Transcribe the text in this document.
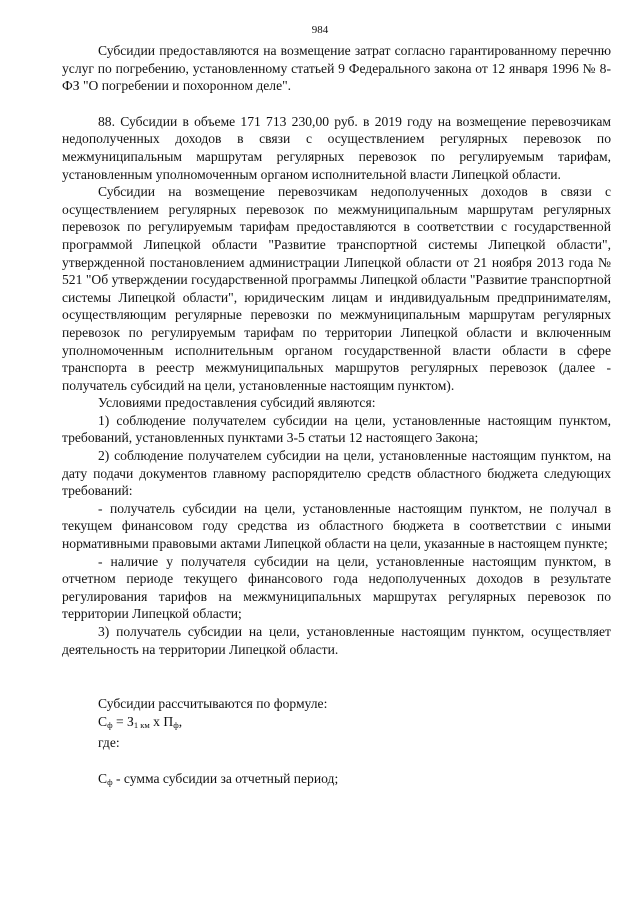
984

Субсидии предоставляются на возмещение затрат согласно гарантированному перечню услуг по погребению, установленному статьей 9 Федерального закона от 12 января 1996 № 8-ФЗ "О погребении и похоронном деле".

88. Субсидии в объеме 171 713 230,00 руб. в 2019 году на возмещение перевозчикам недополученных доходов в связи с осуществлением регулярных перевозок по межмуниципальным маршрутам регулярных перевозок по регулируемым тарифам, установленным уполномоченным органом исполнительной власти Липецкой области.

Субсидии на возмещение перевозчикам недополученных доходов в связи с осуществлением регулярных перевозок по межмуниципальным маршрутам регулярных перевозок по регулируемым тарифам предоставляются в соответствии с государственной программой Липецкой области "Развитие транспортной системы Липецкой области", утвержденной постановлением администрации Липецкой области от 21 ноября 2013 года № 521 "Об утверждении государственной программы Липецкой области "Развитие транспортной системы Липецкой области", юридическим лицам и индивидуальным предпринимателям, осуществляющим регулярные перевозки по межмуниципальным маршрутам регулярных перевозок по регулируемым тарифам по территории Липецкой области и включенным уполномоченным исполнительным органом государственной власти области в сфере транспорта в реестр межмуниципальных маршрутов регулярных перевозок (далее - получатель субсидий на цели, установленные настоящим пунктом).

Условиями предоставления субсидий являются:

1) соблюдение получателем субсидии на цели, установленные настоящим пунктом, требований, установленных пунктами 3-5 статьи 12 настоящего Закона;

2) соблюдение получателем субсидии на цели, установленные настоящим пунктом, на дату подачи документов главному распорядителю средств областного бюджета следующих требований:

- получатель субсидии на цели, установленные настоящим пунктом, не получал в текущем финансовом году средства из областного бюджета в соответствии с иными нормативными правовыми актами Липецкой области на цели, указанные в настоящем пункте;

- наличие у получателя субсидии на цели, установленные настоящим пунктом, в отчетном периоде текущего финансового года недополученных доходов в результате регулирования тарифов на межмуниципальных маршрутах регулярных перевозок по территории Липецкой области;

3) получатель субсидии на цели, установленные настоящим пунктом, осуществляет деятельность на территории Липецкой области.

Субсидии рассчитываются по формуле:

$С_ф = З_{1 км}$ х $П_ф$,

где:

$С_ф$ - сумма субсидии за отчетный период;
